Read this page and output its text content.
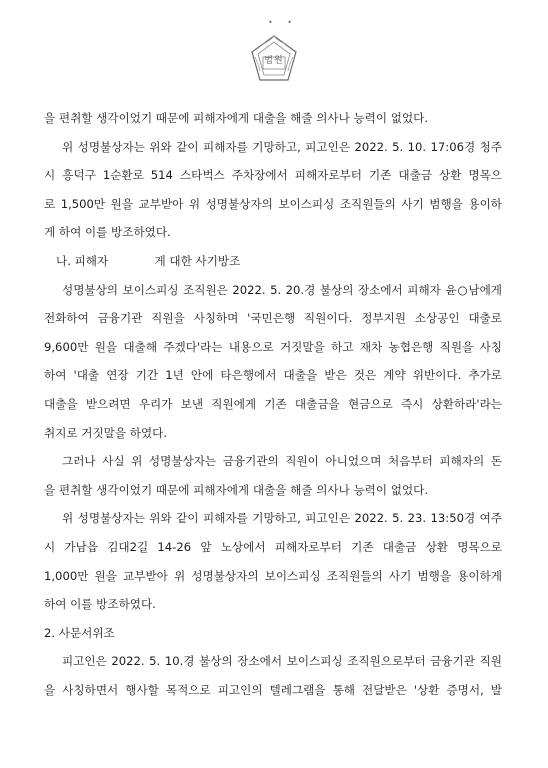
• •
법원
을 편취할 생각이었기 때문에 피해자에게 대출을 해줄 의사나 능력이 없었다.
위 성명불상자는 위와 같이 피해자를 기망하고, 피고인은 2022. 5. 10. 17:06경 청주
시 흥덕구 1순환로 514 스타벅스 주차장에서 피해자로부터 기존 대출금 상환 명목으
로 1,500만 원을 교부받아 위 성명불상자의 보이스피싱 조직원들의 사기 범행을 용이하
게 하여 이를 방조하였다.
나. 피해자　　　　게 대한 사기방조
성명불상의 보이스피싱 조직원은 2022. 5. 20.경 불상의 장소에서 피해자 윤○남에게
전화하여 금융기관 직원을 사칭하며 '국민은행 직원이다. 정부지원 소상공인 대출로
9,600만 원을 대출해 주겠다'라는 내용으로 거짓말을 하고 재차 농협은행 직원을 사칭
하여 '대출 연장 기간 1년 안에 타은행에서 대출을 받은 것은 계약 위반이다. 추가로
대출을 받으려면 우리가 보낸 직원에게 기존 대출금을 현금으로 즉시 상환하라'라는
취지로 거짓말을 하였다.
그러나 사실 위 성명불상자는 금융기관의 직원이 아니었으며 처음부터 피해자의 돈
을 편취할 생각이었기 때문에 피해자에게 대출을 해줄 의사나 능력이 없었다.
위 성명불상자는 위와 같이 피해자를 기망하고, 피고인은 2022. 5. 23. 13:50경 여주
시 가남읍 김대2길 14-26 앞 노상에서 피해자로부터 기존 대출금 상환 명목으로
1,000만 원을 교부받아 위 성명불상자의 보이스피싱 조직원들의 사기 범행을 용이하게
하여 이를 방조하였다.
2. 사문서위조
피고인은 2022. 5. 10.경 불상의 장소에서 보이스피싱 조직원으로부터 금융기관 직원
을 사칭하면서 행사할 목적으로 피고인의 텔레그램을 통해 전달받은 '상환 증명서, 발
